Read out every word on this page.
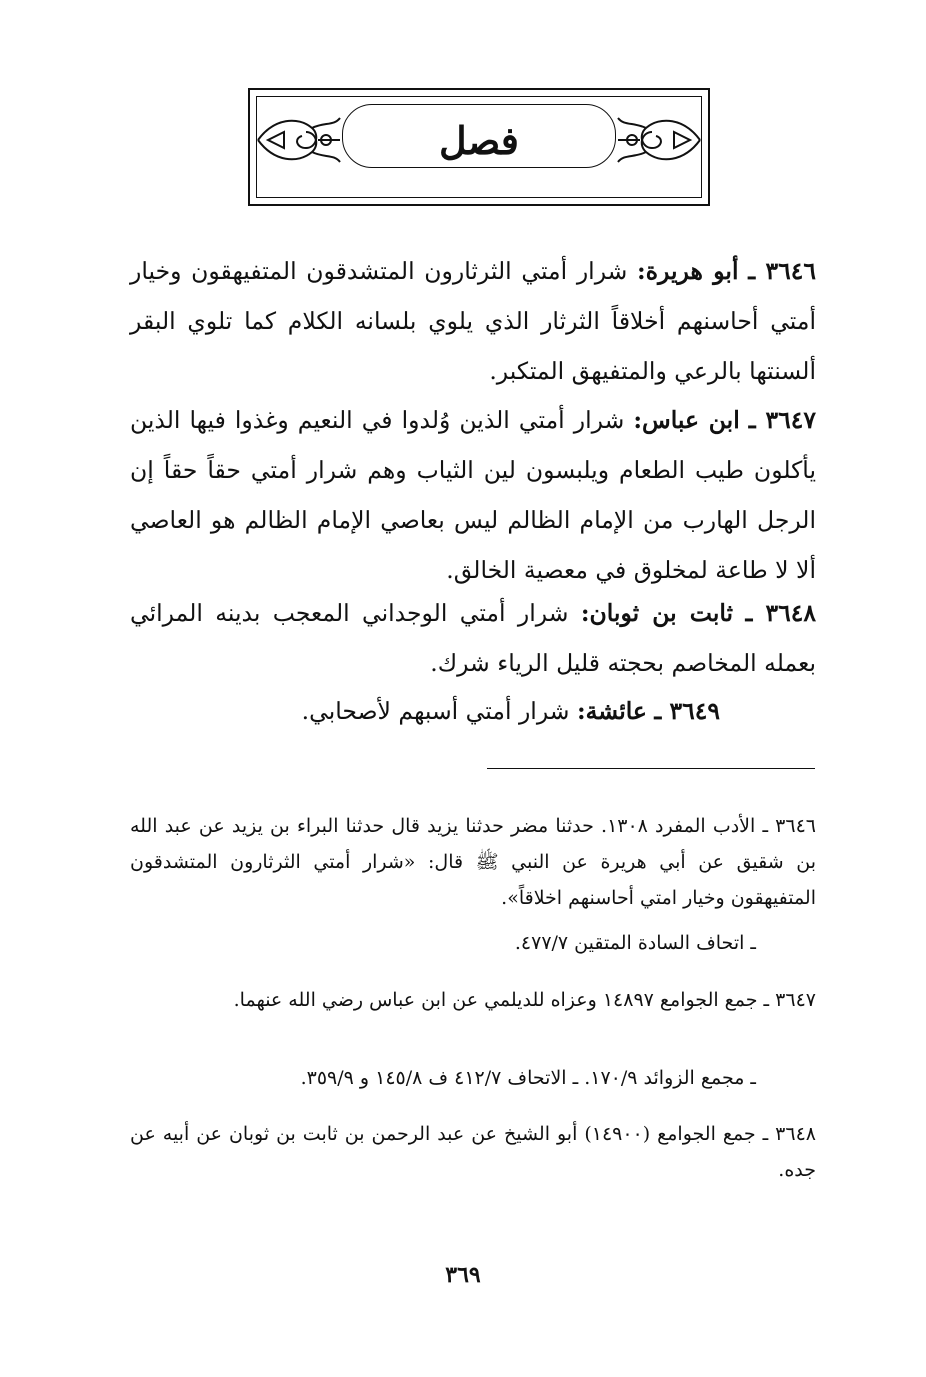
فصل

٣٦٤٦ ـ أبو هريرة: شرار أمتي الثرثارون المتشدقون المتفيهقون وخيار أمتي أحاسنهم أخلاقاً الثرثار الذي يلوي بلسانه الكلام كما تلوي البقر ألسنتها بالرعي والمتفيهق المتكبر.

٣٦٤٧ ـ ابن عباس: شرار أمتي الذين وُلدوا في النعيم وغذوا فيها الذين يأكلون طيب الطعام ويلبسون لين الثياب وهم شرار أمتي حقاً حقاً إن الرجل الهارب من الإمام الظالم ليس بعاصي الإمام الظالم هو العاصي ألا لا طاعة لمخلوق في معصية الخالق.

٣٦٤٨ ـ ثابت بن ثوبان: شرار أمتي الوجداني المعجب بدينه المرائي بعمله المخاصم بحجته قليل الرياء شرك.

٣٦٤٩ ـ عائشة: شرار أمتي أسبهم لأصحابي.

٣٦٤٦ ـ الأدب المفرد ١٣٠٨. حدثنا مضر حدثنا يزيد قال حدثنا البراء بن يزيد عن عبد الله بن شقيق عن أبي هريرة عن النبي ﷺ قال: «شرار أمتي الثرثارون المتشدقون المتفيهقون وخيار امتي أحاسنهم اخلاقاً».

ـ اتحاف السادة المتقين ٤٧٧/٧.

٣٦٤٧ ـ جمع الجوامع ١٤٨٩٧ وعزاه للديلمي عن ابن عباس رضي الله عنهما.

ـ مجمع الزوائد ١٧٠/٩. ـ الاتحاف ٤١٢/٧ ف ١٤٥/٨ و ٣٥٩/٩.

٣٦٤٨ ـ جمع الجوامع (١٤٩٠٠) أبو الشيخ عن عبد الرحمن بن ثابت بن ثوبان عن أبيه عن جده.

٣٦٩
